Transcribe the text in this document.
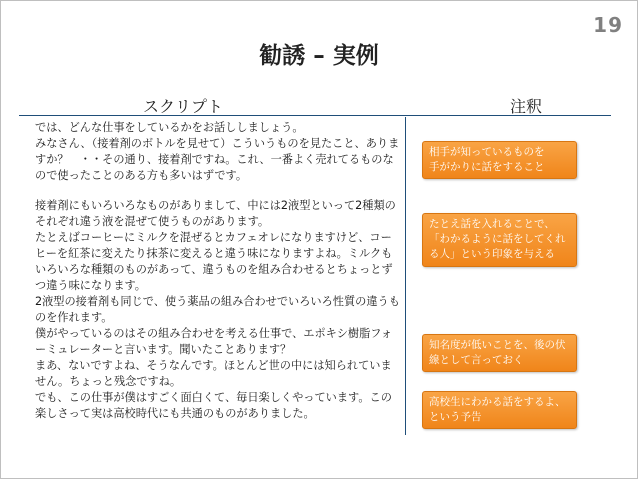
19
勧誘 – 実例
スクリプト	注釈
では、どんな仕事をしているかをお話ししましょう。
みなさん、（接着剤のボトルを見せて）こういうものを見たこと、ありますか？　・・その通り、接着剤ですね。これ、一番よく売れてるものなので使ったことのある方も多いはずです。
接着剤にもいろいろなものがありまして、中には2液型といって2種類のそれぞれ違う液を混ぜて使うものがあります。
たとえばコーヒーにミルクを混ぜるとカフェオレになりますけど、コーヒーを紅茶に変えたり抹茶に変えると違う味になりますよね。ミルクもいろいろな種類のものがあって、違うものを組み合わせるとちょっとずつ違う味になります。
2液型の接着剤も同じで、使う薬品の組み合わせでいろいろ性質の違うものを作れます。
僕がやっているのはその組み合わせを考える仕事で、エポキシ樹脂フォーミュレーターと言います。聞いたことあります？
まあ、ないですよね、そうなんです。ほとんど世の中には知られていません。ちょっと残念ですね。
でも、この仕事が僕はすごく面白くて、毎日楽しくやっています。この楽しさって実は高校時代にも共通のものがありました。
相手が知っているものを
手がかりに話をすること
たとえ話を入れることで、
「わかるように話をしてくれる人」という印象を与える
知名度が低いことを、後の伏線として言っておく
高校生にわかる話をするよ、という予告
